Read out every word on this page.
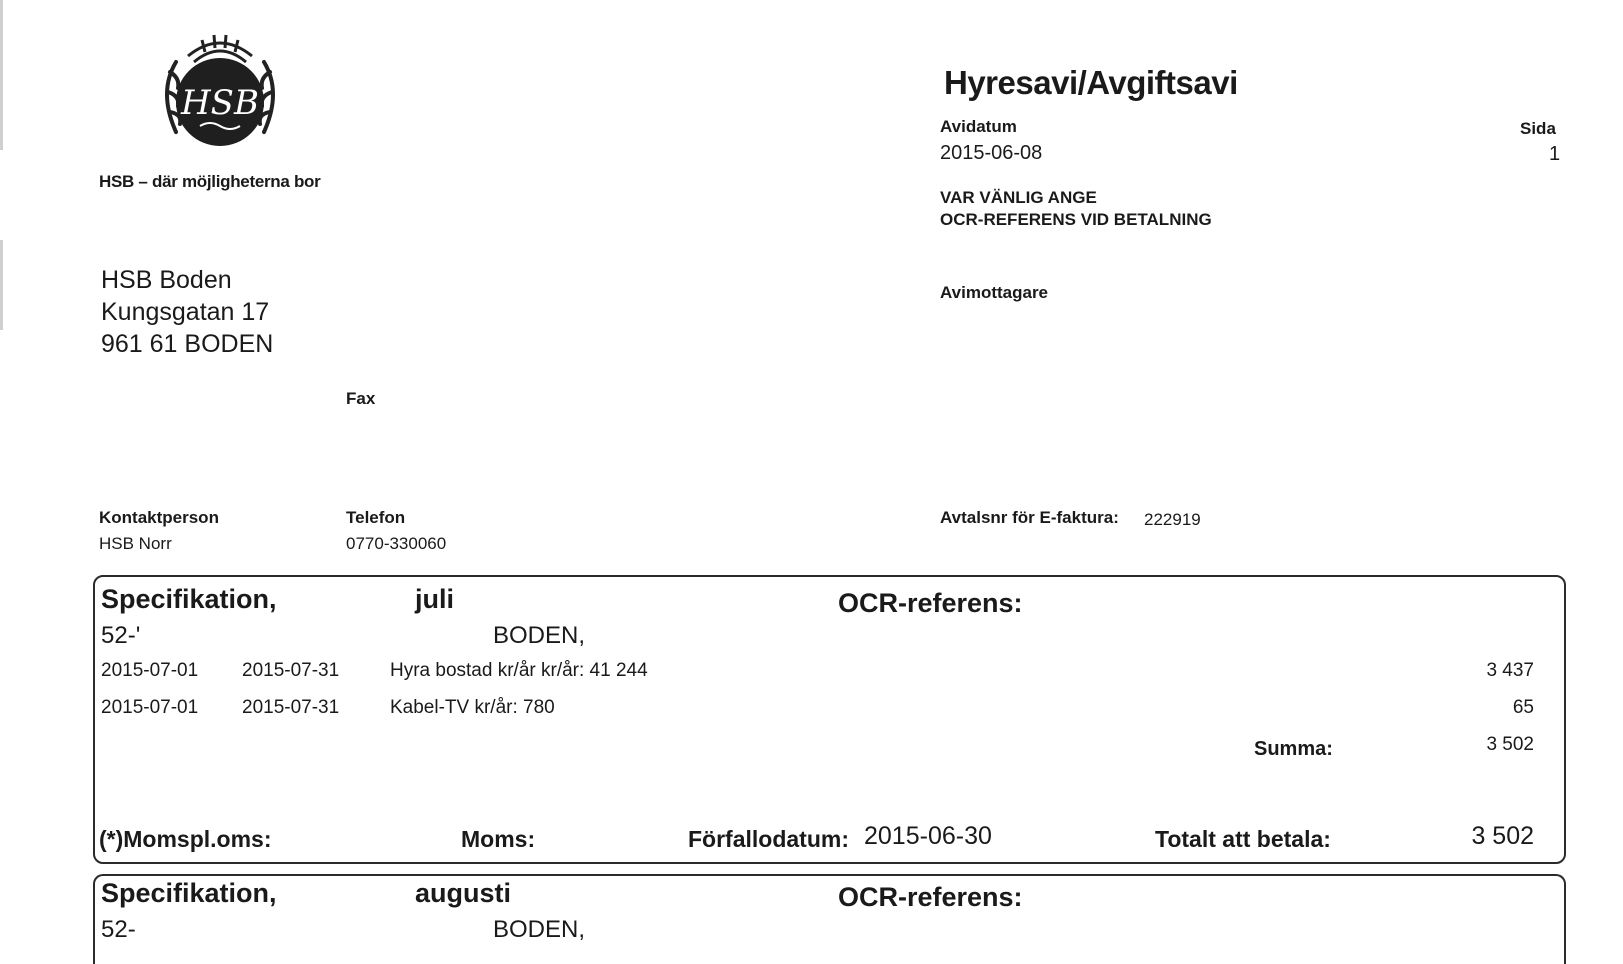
HSB
HSB – där möjligheterna bor
HSB Boden
Kungsgatan 17
961 61 BODEN
Fax
Kontaktperson
HSB Norr
Telefon
0770-330060
Hyresavi/Avgiftsavi
Avidatum
2015-06-08
Sida
1
VAR VÄNLIG ANGE
OCR-REFERENS VID BETALNING
Avimottagare
Avtalsnr för E-faktura: 222919
Specifikation,	juli	OCR-referens:
52-'	BODEN,
2015-07-01 2015-07-31	Hyra bostad kr/år kr/år: 41 244	3 437
2015-07-01 2015-07-31	Kabel-TV kr/år: 780	65
Summa:	3 502
(*)Momspl.oms:	Moms:	Förfallodatum: 2015-06-30	Totalt att betala:	3 502
Specifikation,	augusti	OCR-referens:
52-	BODEN,
